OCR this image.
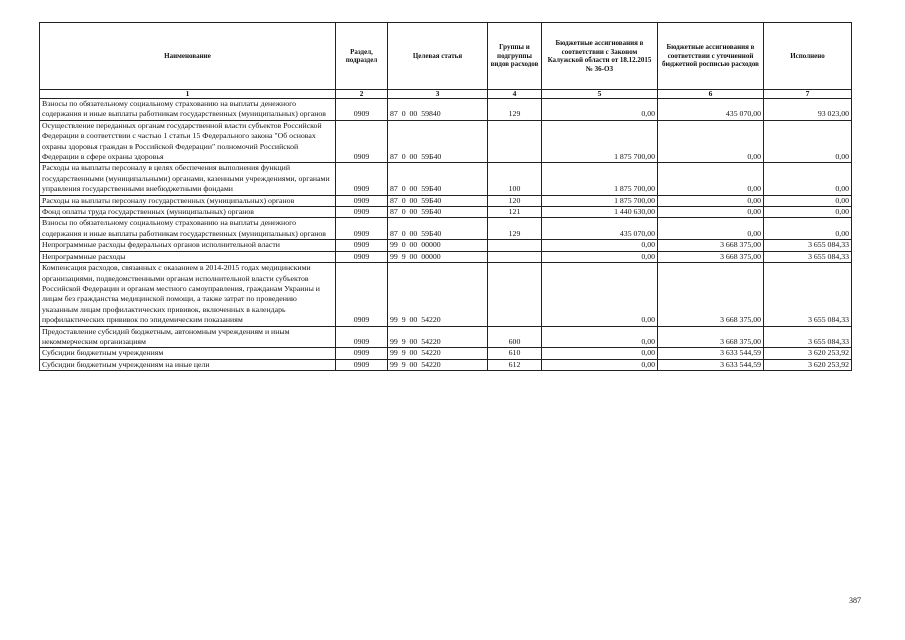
Наименование	Раздел, подраздел	Целевая статья	Группы и подгруппы видов расходов	Бюджетные ассигнования в соответствии с Законом Калужской области от 18.12.2015 № 36-ОЗ	Бюджетные ассигнования в соответствии с уточненной бюджетной росписью расходов	Исполнено
1	2	3	4	5	6	7
Взносы по обязательному социальному страхованию на выплаты денежного содержания и иные выплаты работникам государственных (муниципальных) органов	0909	87  0  00  59840	129	0,00	435 070,00	93 023,00
Осуществление переданных органам государственной власти субъектов Российской Федерации в соответствии с частью 1 статьи 15 Федерального закона "Об основах охраны здоровья граждан в Российской Федерации" полномочий Российской Федерации в сфере охраны здоровья	0909	87  0  00  59Б40		1 875 700,00	0,00	0,00
Расходы на выплаты персоналу в целях обеспечения выполнения функций государственными (муниципальными) органами, казенными учреждениями, органами управления государственными внебюджетными фондами	0909	87  0  00  59Б40	100	1 875 700,00	0,00	0,00
Расходы на выплаты персоналу государственных (муниципальных) органов	0909	87  0  00  59Б40	120	1 875 700,00	0,00	0,00
Фонд оплаты труда государственных (муниципальных) органов	0909	87  0  00  59Б40	121	1 440 630,00	0,00	0,00
Взносы по обязательному социальному страхованию на выплаты денежного содержания и иные выплаты работникам государственных (муниципальных) органов	0909	87  0  00  59Б40	129	435 070,00	0,00	0,00
Непрограммные расходы федеральных органов исполнительной власти	0909	99  0  00  00000		0,00	3 668 375,00	3 655 084,33
Непрограммные расходы	0909	99  9  00  00000		0,00	3 668 375,00	3 655 084,33
Компенсация расходов, связанных с оказанием в 2014-2015 годах медицинскими организациями, подведомственными органам исполнительной власти субъектов Российской Федерации и органам местного самоуправления, гражданам Украины и лицам без гражданства медицинской помощи, а также затрат по проведению указанным лицам профилактических прививок, включенных в календарь профилактических прививок по эпидемическим показаниям	0909	99  9  00  54220		0,00	3 668 375,00	3 655 084,33
Предоставление субсидий бюджетным, автономным учреждениям и иным некоммерческим организациям	0909	99  9  00  54220	600	0,00	3 668 375,00	3 655 084,33
Субсидии бюджетным учреждениям	0909	99  9  00  54220	610	0,00	3 633 544,59	3 620 253,92
Субсидии бюджетным учреждениям на иные цели	0909	99  9  00  54220	612	0,00	3 633 544,59	3 620 253,92
387
